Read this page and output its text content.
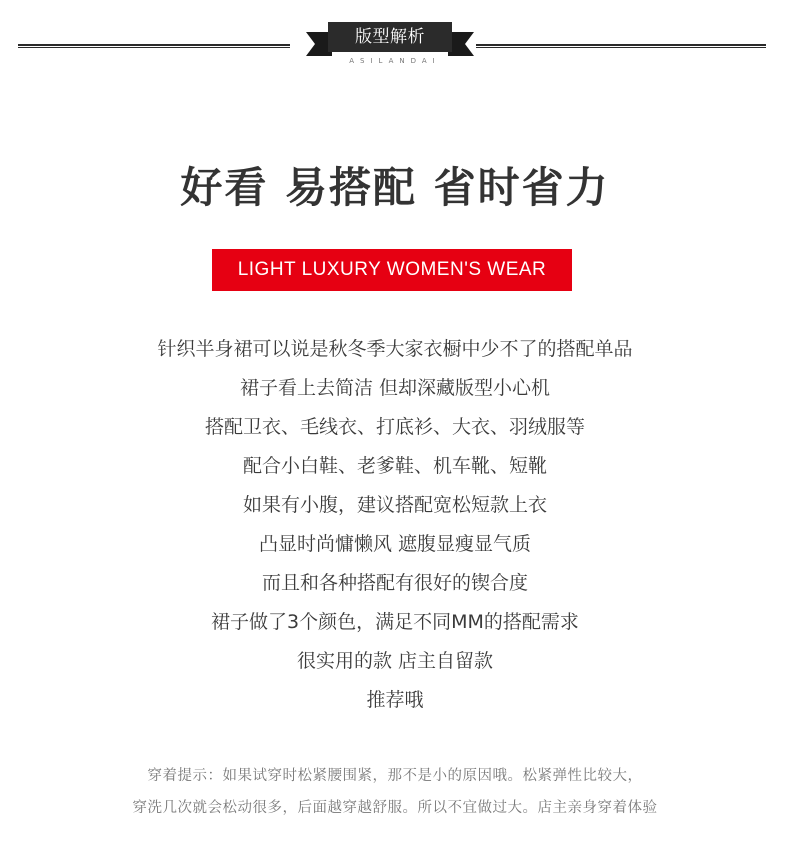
版型解析
ASILANDAI
好看 易搭配 省时省力
LIGHT LUXURY WOMEN'S WEAR
针织半身裙可以说是秋冬季大家衣橱中少不了的搭配单品
裙子看上去简洁 但却深藏版型小心机
搭配卫衣、毛线衣、打底衫、大衣、羽绒服等
配合小白鞋、老爹鞋、机车靴、短靴
如果有小腹，建议搭配宽松短款上衣
凸显时尚慵懒风 遮腹显瘦显气质
而且和各种搭配有很好的锲合度
裙子做了3个颜色，满足不同MM的搭配需求
很实用的款 店主自留款
推荐哦
穿着提示：如果试穿时松紧腰围紧，那不是小的原因哦。松紧弹性比较大，
穿洗几次就会松动很多，后面越穿越舒服。所以不宜做过大。店主亲身穿着体验
